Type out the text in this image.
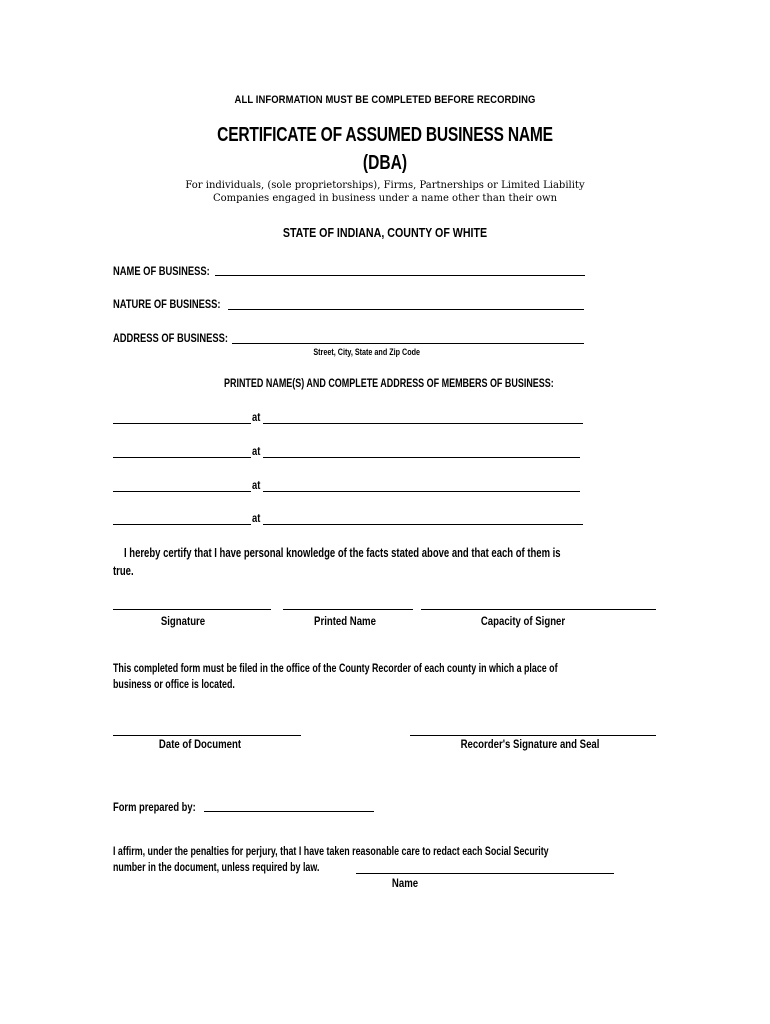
ALL INFORMATION MUST BE COMPLETED BEFORE RECORDING
CERTIFICATE OF ASSUMED BUSINESS NAME
(DBA)
For individuals, (sole proprietorships), Firms, Partnerships or Limited Liability
Companies engaged in business under a name other than their own
STATE OF INDIANA, COUNTY OF WHITE
NAME OF BUSINESS:
NATURE OF BUSINESS:
ADDRESS OF BUSINESS:
Street, City, State and Zip Code
PRINTED NAME(S) AND COMPLETE ADDRESS OF MEMBERS OF BUSINESS:
at
at
at
at
I hereby certify that I have personal knowledge of the facts stated above and that each of them is
true.
Signature	Printed Name	Capacity of Signer
This completed form must be filed in the office of the County Recorder of each county in which a place of
business or office is located.
Date of Document	Recorder's Signature and Seal
Form prepared by:
I affirm, under the penalties for perjury, that I have taken reasonable care to redact each Social Security
number in the document, unless required by law.
Name
